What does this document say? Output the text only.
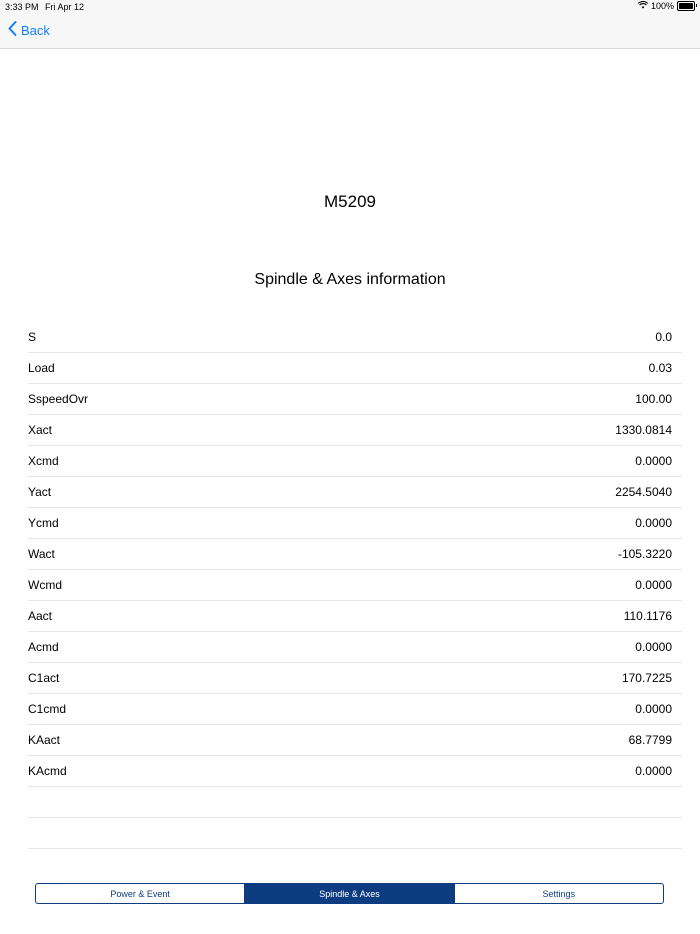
3:33 PM Fri Apr 12	100%
Back
M5209
Spindle & Axes information
S	0.0
Load	0.03
SspeedOvr	100.00
Xact	1330.0814
Xcmd	0.0000
Yact	2254.5040
Ycmd	0.0000
Wact	-105.3220
Wcmd	0.0000
Aact	110.1176
Acmd	0.0000
C1act	170.7225
C1cmd	0.0000
KAact	68.7799
KAcmd	0.0000
Power & Event	Spindle & Axes	Settings
